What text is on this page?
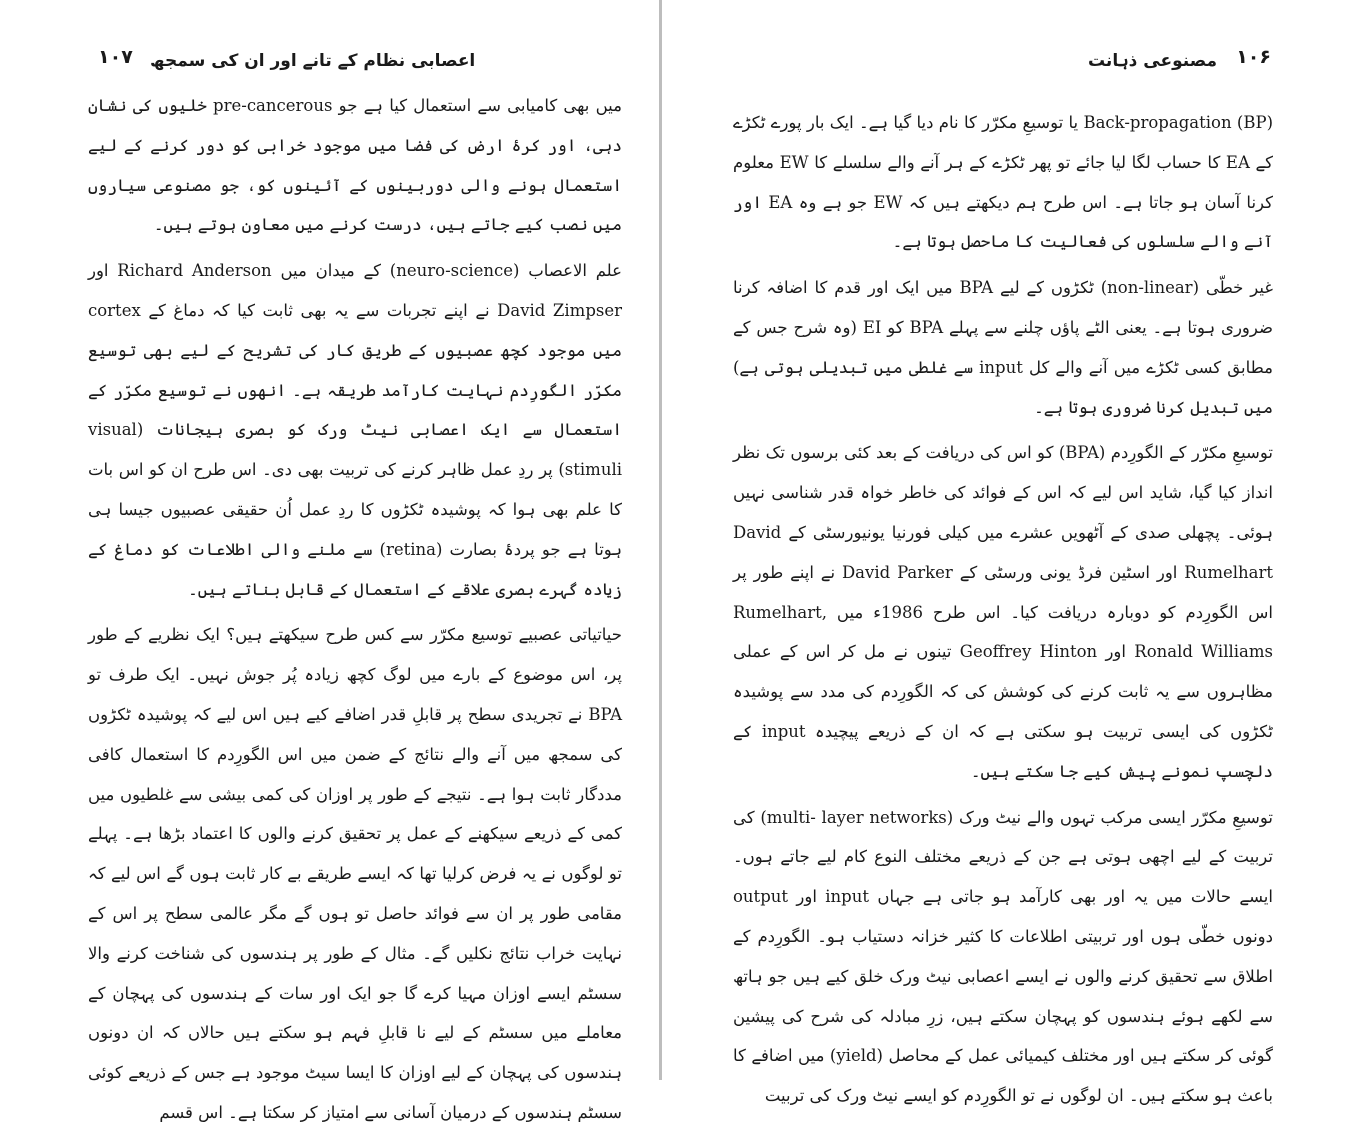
۱۰۷ اعصابی نظام کے تانے اور ان کی سمجھ

میں بھی کامیابی سے استعمال کیا ہے جو pre-cancerous خلیوں کی نشان دہی، اور کرۂ ارض کی فضا میں موجود خرابی کو دور کرنے کے لیے استعمال ہونے والی دوربینوں کے آئینوں کو، جو مصنوعی سیاروں میں نصب کیے جاتے ہیں، درست کرنے میں معاون ہوتے ہیں۔

علم الاعصاب (neuro-science) کے میدان میں Richard Anderson اور David Zimpser نے اپنے تجربات سے یہ بھی ثابت کیا کہ دماغ کے cortex میں موجود کچھ عصبیوں کے طریق کار کی تشریح کے لیے بھی توسیع مکرّر الگورِدم نہایت کارآمد طریقہ ہے۔ انھوں نے توسیع مکرّر کے استعمال سے ایک اعصابی نیٹ ورک کو بصری ہیجانات (visual stimuli) پر ردِ عمل ظاہر کرنے کی تربیت بھی دی۔ اس طرح ان کو اس بات کا علم بھی ہوا کہ پوشیدہ ٹکڑوں کا ردِ عمل اُن حقیقی عصبیوں جیسا ہی ہوتا ہے جو پردۂ بصارت (retina) سے ملنے والی اطلاعات کو دماغ کے زیادہ گہرے بصری علاقے کے استعمال کے قابل بناتے ہیں۔

حیاتیاتی عصبیے توسیع مکرّر سے کس طرح سیکھتے ہیں؟ ایک نظریے کے طور پر، اس موضوع کے بارے میں لوگ کچھ زیادہ پُر جوش نہیں۔ ایک طرف تو BPA نے تجریدی سطح پر قابلِ قدر اضافے کیے ہیں اس لیے کہ پوشیدہ ٹکڑوں کی سمجھ میں آنے والے نتائج کے ضمن میں اس الگورِدم کا استعمال کافی مددگار ثابت ہوا ہے۔ نتیجے کے طور پر اوزان کی کمی بیشی سے غلطیوں میں کمی کے ذریعے سیکھنے کے عمل پر تحقیق کرنے والوں کا اعتماد بڑھا ہے۔ پہلے تو لوگوں نے یہ فرض کرلیا تھا کہ ایسے طریقے بے کار ثابت ہوں گے اس لیے کہ مقامی طور پر ان سے فوائد حاصل تو ہوں گے مگر عالمی سطح پر اس کے نہایت خراب نتائج نکلیں گے۔ مثال کے طور پر ہندسوں کی شناخت کرنے والا سسٹم ایسے اوزان مہیا کرے گا جو ایک اور سات کے ہندسوں کی پہچان کے معاملے میں سسٹم کے لیے نا قابلِ فہم ہو سکتے ہیں حالاں کہ ان دونوں ہندسوں کی پہچان کے لیے اوزان کا ایسا سیٹ موجود ہے جس کے ذریعے کوئی سسٹم ہندسوں کے درمیان آسانی سے امتیاز کر سکتا ہے۔ اس قسم

۱۰۶
مصنوعی ذہانت

(BP) Back-propagation یا توسیعِ مکرّر کا نام دیا گیا ہے۔ ایک بار پورے ٹکڑے کے EA کا حساب لگا لیا جائے تو پھر ٹکڑے کے ہر آنے والے سلسلے کا EW معلوم کرنا آسان ہو جاتا ہے۔ اس طرح ہم دیکھتے ہیں کہ EW جو ہے وہ EA اور آنے والے سلسلوں کی فعالیت کا ماحصل ہوتا ہے۔

غیر خطّی (non-linear) ٹکڑوں کے لیے BPA میں ایک اور قدم کا اضافہ کرنا ضروری ہوتا ہے۔ یعنی الٹے پاؤں چلنے سے پہلے BPA کو EI (وہ شرح جس کے مطابق کسی ٹکڑے میں آنے والے کل input سے غلطی میں تبدیلی ہوتی ہے) میں تبدیل کرنا ضروری ہوتا ہے۔

توسیعِ مکرّر کے الگورِدم (BPA) کو اس کی دریافت کے بعد کئی برسوں تک نظر انداز کیا گیا، شاید اس لیے کہ اس کے فوائد کی خاطر خواہ قدر شناسی نہیں ہوئی۔ پچھلی صدی کے آٹھویں عشرے میں کیلی فورنیا یونیورسٹی کے David Rumelhart اور اسٹین فرڈ یونی ورسٹی کے David Parker نے اپنے طور پر اس الگورِدم کو دوبارہ دریافت کیا۔ اس طرح 1986ء میں Rumelhart, Ronald Williams اور Geoffrey Hinton تینوں نے مل کر اس کے عملی مظاہروں سے یہ ثابت کرنے کی کوشش کی کہ الگورِدم کی مدد سے پوشیدہ ٹکڑوں کی ایسی تربیت ہو سکتی ہے کہ ان کے ذریعے پیچیدہ input کے دلچسپ نمونے پیش کیے جا سکتے ہیں۔

توسیعِ مکرّر ایسی مرکب تہوں والے نیٹ ورک (multi- layer networks) کی تربیت کے لیے اچھی ہوتی ہے جن کے ذریعے مختلف النوع کام لیے جاتے ہوں۔ ایسے حالات میں یہ اور بھی کارآمد ہو جاتی ہے جہاں input اور output دونوں خطّی ہوں اور تربیتی اطلاعات کا کثیر خزانہ دستیاب ہو۔ الگورِدم کے اطلاق سے تحقیق کرنے والوں نے ایسے اعصابی نیٹ ورک خلق کیے ہیں جو ہاتھ سے لکھے ہوئے ہندسوں کو پہچان سکتے ہیں، زرِ مبادلہ کی شرح کی پیشین گوئی کر سکتے ہیں اور مختلف کیمیائی عمل کے محاصل (yield) میں اضافے کا باعث ہو سکتے ہیں۔ ان لوگوں نے تو الگورِدم کو ایسے نیٹ ورک کی تربیت
